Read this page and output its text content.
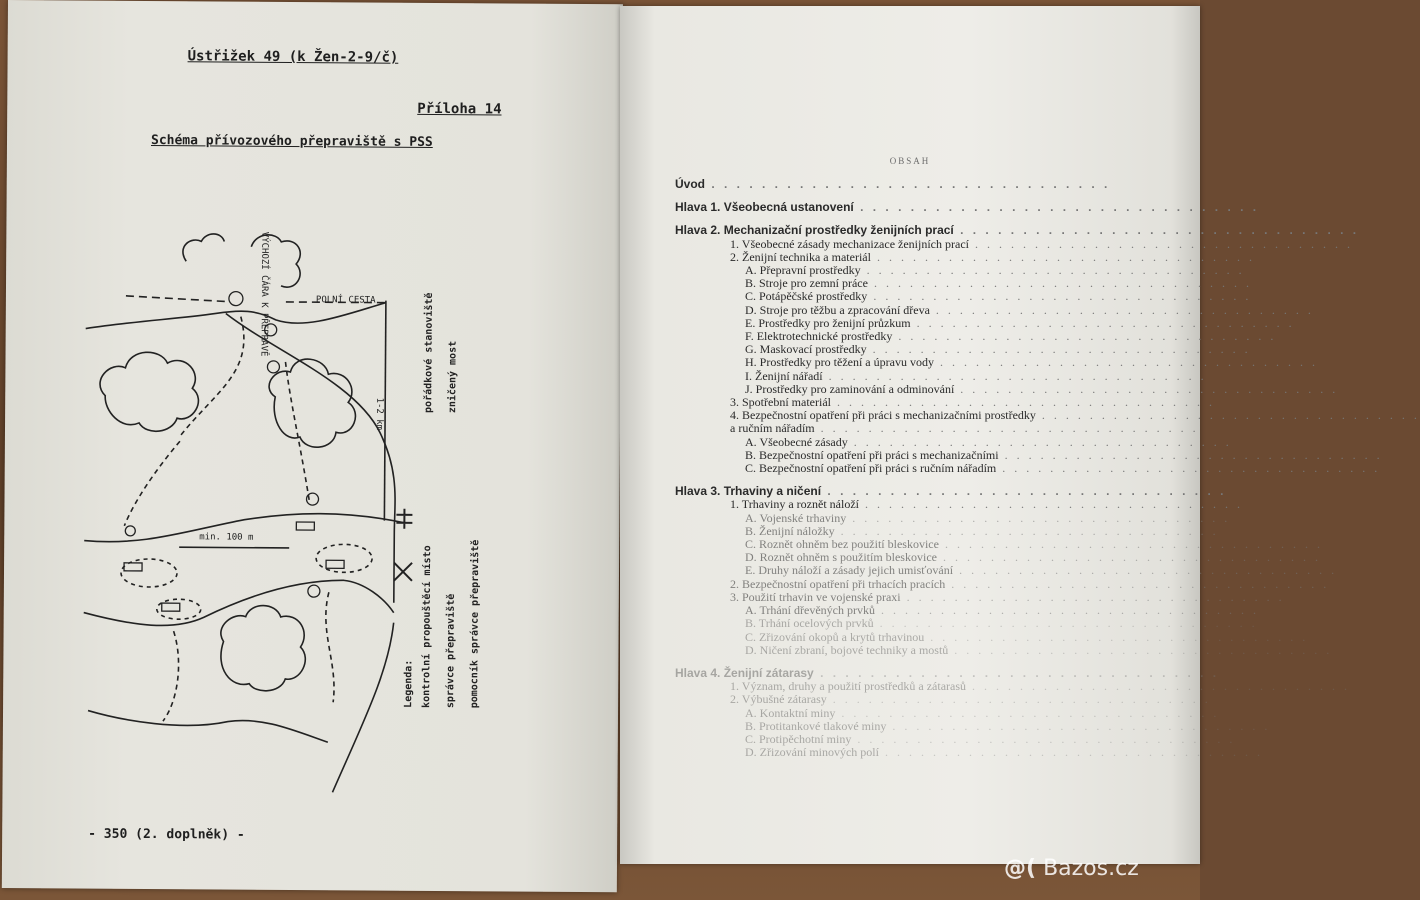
Ústřižek 49 (k Žen-2-9/č)
Příloha 14
Schéma přívozového přepraviště s PSS
VÝCHOZÍ ČÁRA K PŘEPRAVĚ	POLNÍ CESTA
1-2 km
min. 100 m
Legenda: kontrolní propouštěcí místo
pořádkové stanoviště
správce přepraviště
zničený most
pomocník správce přepraviště
- 350 (2. doplněk) -
OBSAH
Úvod . . . . . . . . . . . . . . . . . . . . . . . . . . . . . . . .
Hlava 1. Všeobecná ustanovení . . . . . . . . . . . . . . . . . . . . . . . . . . . . . . . .
Hlava 2. Mechanizační prostředky ženijních prací . . . . . . . . . . . . . . . . . . . . . . . . . . . . . . . .
1. Všeobecné zásady mechanizace ženijních prací . . . . . . . . . . . . . . . . . . . . . . . . . . . . . . . .
2. Ženijní technika a materiál . . . . . . . . . . . . . . . . . . . . . . . . . . . . . . . .
A. Přepravní prostředky . . . . . . . . . . . . . . . . . . . . . . . . . . . . . . . .
B. Stroje pro zemní práce . . . . . . . . . . . . . . . . . . . . . . . . . . . . . . . .
C. Potápěčské prostředky . . . . . . . . . . . . . . . . . . . . . . . . . . . . . . . .
D. Stroje pro těžbu a zpracování dřeva . . . . . . . . . . . . . . . . . . . . . . . . . . . . . . . .
E. Prostředky pro ženijní průzkum . . . . . . . . . . . . . . . . . . . . . . . . . . . . . . . .
F. Elektrotechnické prostředky . . . . . . . . . . . . . . . . . . . . . . . . . . . . . . . .
G. Maskovací prostředky . . . . . . . . . . . . . . . . . . . . . . . . . . . . . . . .
H. Prostředky pro těžení a úpravu vody . . . . . . . . . . . . . . . . . . . . . . . . . . . . . . . .
I. Ženijní nářadí . . . . . . . . . . . . . . . . . . . . . . . . . . . . . . . .
J. Prostředky pro zaminování a odminování . . . . . . . . . . . . . . . . . . . . . . . . . . . . . . . .
3. Spotřební materiál . . . . . . . . . . . . . . . . . . . . . . . . . . . . . . . .
4. Bezpečnostní opatření při práci s mechanizačními prostředky . . . . . . . . . . . . . . . . . . . . . . . . . . . . . . . .
a ručním nářadím . . . . . . . . . . . . . . . . . . . . . . . . . . . . . . . .
A. Všeobecné zásady . . . . . . . . . . . . . . . . . . . . . . . . . . . . . . . .
B. Bezpečnostní opatření při práci s mechanizačními . . . . . . . . . . . . . . . . . . . . . . . . . . . . . . . .
C. Bezpečnostní opatření při práci s ručním nářadím . . . . . . . . . . . . . . . . . . . . . . . . . . . . . . . .
Hlava 3. Trhaviny a ničení . . . . . . . . . . . . . . . . . . . . . . . . . . . . . . . .
1. Trhaviny a roznět náloží . . . . . . . . . . . . . . . . . . . . . . . . . . . . . . . .
A. Vojenské trhaviny . . . . . . . . . . . . . . . . . . . . . . . . . . . . . . . .
B. Ženijní náložky . . . . . . . . . . . . . . . . . . . . . . . . . . . . . . . .
C. Roznět ohněm bez použití bleskovice . . . . . . . . . . . . . . . . . . . . . . . . . . . . . . . .
D. Roznět ohněm s použitím bleskovice . . . . . . . . . . . . . . . . . . . . . . . . . . . . . . . .
E. Druhy náloží a zásady jejich umisťování . . . . . . . . . . . . . . . . . . . . . . . . . . . . . . . .
2. Bezpečnostní opatření při trhacích pracích . . . . . . . . . . . . . . . . . . . . . . . . . . . . . . . .
3. Použití trhavin ve vojenské praxi . . . . . . . . . . . . . . . . . . . . . . . . . . . . . . . .
A. Trhání dřevěných prvků . . . . . . . . . . . . . . . . . . . . . . . . . . . . . . . .
B. Trhání ocelových prvků . . . . . . . . . . . . . . . . . . . . . . . . . . . . . . . .
C. Zřizování okopů a krytů trhavinou . . . . . . . . . . . . . . . . . . . . . . . . . . . . . . . .
D. Ničení zbraní, bojové techniky a mostů . . . . . . . . . . . . . . . . . . . . . . . . . . . . . . . .
Hlava 4. Ženijní zátarasy . . . . . . . . . . . . . . . . . . . . . . . . . . . . . . . .
1. Význam, druhy a použití prostředků a zátarasů . . . . . . . . . . . . . . . . . . . . . . . . . . . . . . . .
2. Výbušné zátarasy . . . . . . . . . . . . . . . . . . . . . . . . . . . . . . . .
A. Kontaktní miny . . . . . . . . . . . . . . . . . . . . . . . . . . . . . . . .
B. Protitankové tlakové miny . . . . . . . . . . . . . . . . . . . . . . . . . . . . . . . .
C. Protipěchotní miny . . . . . . . . . . . . . . . . . . . . . . . . . . . . . . . .
D. Zřizování minových polí . . . . . . . . . . . . . . . . . . . . . . . . . . . . . . . .
@( Bazos.cz
